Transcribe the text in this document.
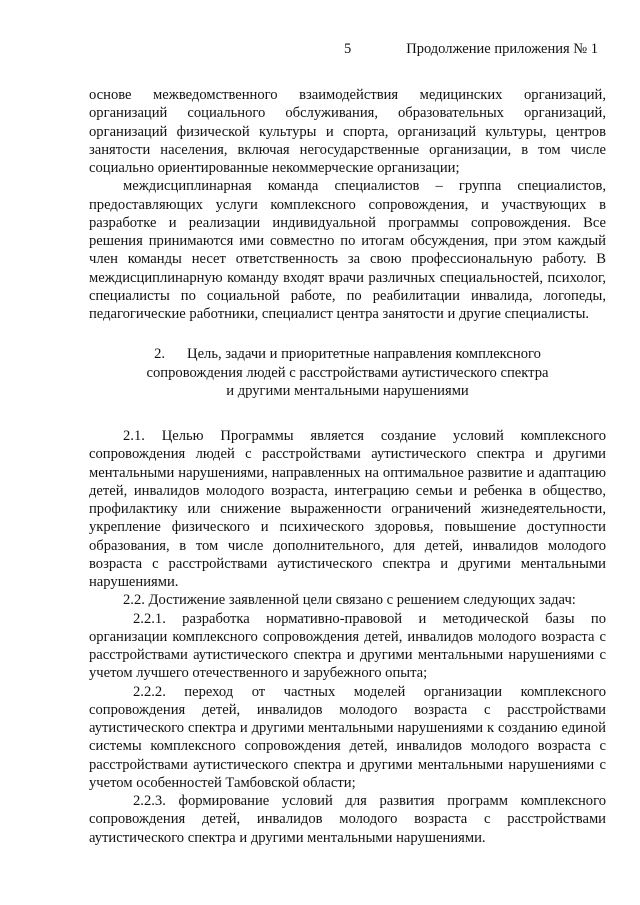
5	Продолжение приложения № 1

основе межведомственного взаимодействия медицинских организаций, организаций социального обслуживания, образовательных организаций, организаций физической культуры и спорта, организаций культуры, центров занятости населения, включая негосударственные организации, в том числе социально ориентированные некоммерческие организации;

междисциплинарная команда специалистов – группа специалистов, предоставляющих услуги комплексного сопровождения, и участвующих в разработке и реализации индивидуальной программы сопровождения. Все решения принимаются ими совместно по итогам обсуждения, при этом каждый член команды несет ответственность за свою профессиональную работу. В междисциплинарную команду входят врачи различных специальностей, психолог, специалисты по социальной работе, по реабилитации инвалида, логопеды, педагогические работники, специалист центра занятости и другие специалисты.

2. Цель, задачи и приоритетные направления комплексного
сопровождения людей с расстройствами аутистического спектра
и другими ментальными нарушениями

2.1. Целью Программы является создание условий комплексного сопровождения людей с расстройствами аутистического спектра и другими ментальными нарушениями, направленных на оптимальное развитие и адаптацию детей, инвалидов молодого возраста, интеграцию семьи и ребенка в общество, профилактику или снижение выраженности ограничений жизнедеятельности, укрепление физического и психического здоровья, повышение доступности образования, в том числе дополнительного, для детей, инвалидов молодого возраста с расстройствами аутистического спектра и другими ментальными нарушениями.

2.2. Достижение заявленной цели связано с решением следующих задач:

2.2.1. разработка нормативно-правовой и методической базы по организации комплексного сопровождения детей, инвалидов молодого возраста с расстройствами аутистического спектра и другими ментальными нарушениями с учетом лучшего отечественного и зарубежного опыта;

2.2.2. переход от частных моделей организации комплексного сопровождения детей, инвалидов молодого возраста с расстройствами аутистического спектра и другими ментальными нарушениями к созданию единой системы комплексного сопровождения детей, инвалидов молодого возраста с расстройствами аутистического спектра и другими ментальными нарушениями с учетом особенностей Тамбовской области;

2.2.3. формирование условий для развития программ комплексного сопровождения детей, инвалидов молодого возраста с расстройствами аутистического спектра и другими ментальными нарушениями.
